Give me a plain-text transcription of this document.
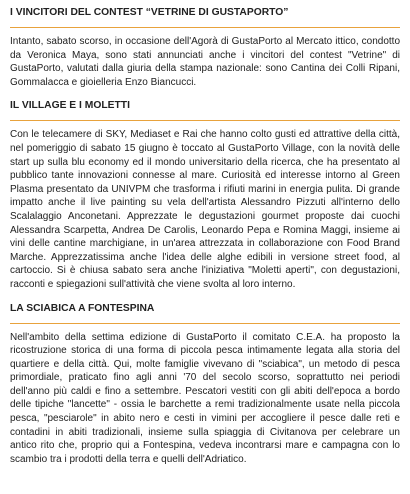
I VINCITORI DEL CONTEST “VETRINE DI GUSTAPORTO”

Intanto, sabato scorso, in occasione dell'Agorà di GustaPorto al Mercato ittico, condotto da Veronica Maya, sono stati annunciati anche i vincitori del contest "Vetrine" di GustaPorto, valutati dalla giuria della stampa nazionale: sono Cantina dei Colli Ripani, Gommalacca e gioielleria Enzo Biancucci.

IL VILLAGE E I MOLETTI

Con le telecamere di SKY, Mediaset e Rai che hanno colto gusti ed attrattive della città, nel pomeriggio di sabato 15 giugno è toccato al GustaPorto Village, con la novità delle start up sulla blu economy ed il mondo universitario della ricerca, che ha presentato al pubblico tante innovazioni connesse al mare. Curiosità ed interesse intorno al Green Plasma presentato da UNIVPM che trasforma i rifiuti marini in energia pulita. Di grande impatto anche il live painting su vela dell'artista Alessandro Pizzuti all'interno dello Scalalaggio Anconetani. Apprezzate le degustazioni gourmet proposte dai cuochi Alessandra Scarpetta, Andrea De Carolis, Leonardo Pepa e Romina Maggi, insieme ai vini delle cantine marchigiane, in un'area attrezzata in collaborazione con Food Brand Marche. Apprezzatissima anche l'idea delle alghe edibili in versione street food, al cartoccio. Si è chiusa sabato sera anche l'iniziativa "Moletti aperti", con degustazioni, racconti e spiegazioni sull'attività che viene svolta al loro interno.

LA SCIABICA A FONTESPINA

Nell'ambito della settima edizione di GustaPorto il comitato C.E.A. ha proposto la ricostruzione storica di una forma di piccola pesca intimamente legata alla storia del quartiere e della città. Qui, molte famiglie vivevano di "sciabica", un metodo di pesca primordiale, praticato fino agli anni '70 del secolo scorso, soprattutto nei periodi dell'anno più caldi e fino a settembre. Pescatori vestiti con gli abiti dell'epoca a bordo delle tipiche "lancette" - ossia le barchette a remi tradizionalmente usate nella piccola pesca, "pesciarole" in abito nero e cesti in vimini per accogliere il pesce dalle reti e contadini in abiti tradizionali, insieme sulla spiaggia di Civitanova per celebrare un antico rito che, proprio qui a Fontespina, vedeva incontrarsi mare e campagna con lo scambio tra i prodotti della terra e quelli dell'Adriatico.
